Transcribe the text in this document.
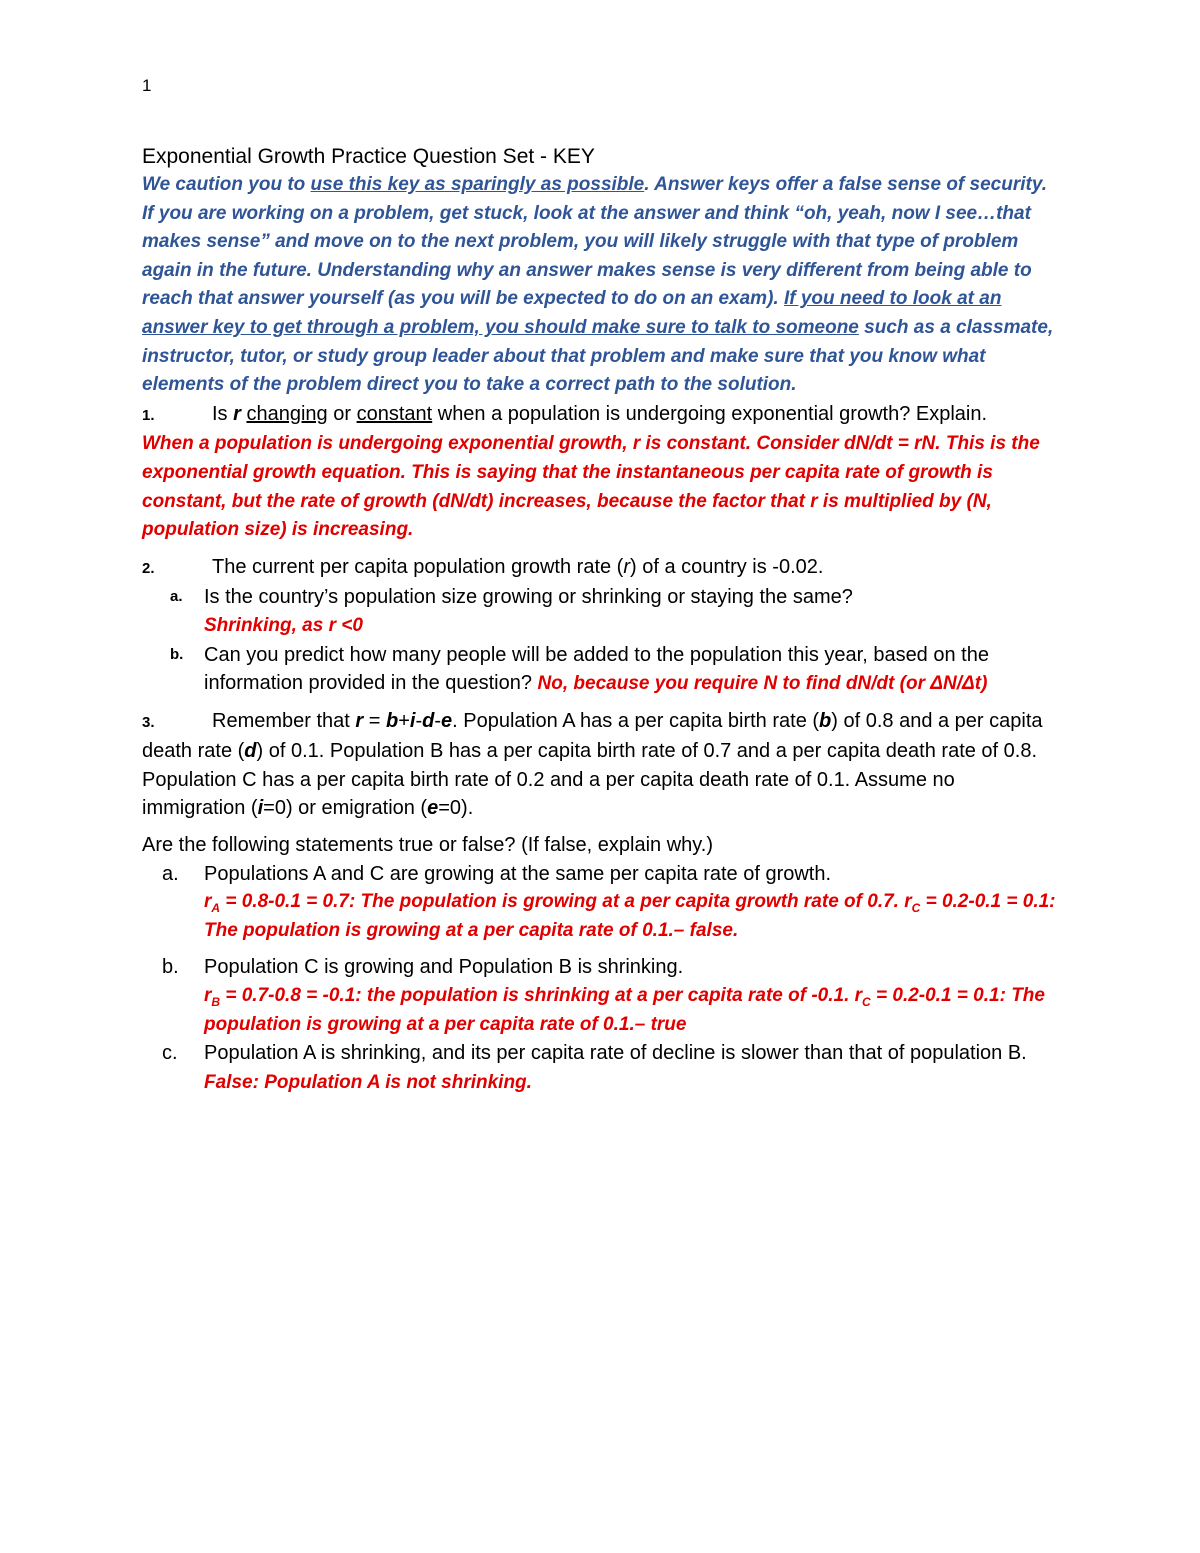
1
Exponential Growth Practice Question Set - KEY
We caution you to use this key as sparingly as possible. Answer keys offer a false sense of security. If you are working on a problem, get stuck, look at the answer and think “oh, yeah, now I see…that makes sense” and move on to the next problem, you will likely struggle with that type of problem again in the future. Understanding why an answer makes sense is very different from being able to reach that answer yourself (as you will be expected to do on an exam). If you need to look at an answer key to get through a problem, you should make sure to talk to someone such as a classmate, instructor, tutor, or study group leader about that problem and make sure that you know what elements of the problem direct you to take a correct path to the solution.
1.	Is r changing or constant when a population is undergoing exponential growth? Explain.
When a population is undergoing exponential growth, r is constant. Consider dN/dt = rN. This is the exponential growth equation. This is saying that the instantaneous per capita rate of growth is constant, but the rate of growth (dN/dt) increases, because the factor that r is multiplied by (N, population size) is increasing.
2.	The current per capita population growth rate (r) of a country is -0.02.
a. Is the country’s population size growing or shrinking or staying the same?
Shrinking, as r <0
b. Can you predict how many people will be added to the population this year, based on the information provided in the question? No, because you require N to find dN/dt (or ΔN/Δt)
3.	Remember that r = b+i-d-e. Population A has a per capita birth rate (b) of 0.8 and a per capita death rate (d) of 0.1. Population B has a per capita birth rate of 0.7 and a per capita death rate of 0.8. Population C has a per capita birth rate of 0.2 and a per capita death rate of 0.1. Assume no immigration (i=0) or emigration (e=0).
Are the following statements true or false? (If false, explain why.)
a. Populations A and C are growing at the same per capita rate of growth.
$r_A = 0.8-0.1 = 0.7$: The population is growing at a per capita growth rate of 0.7. $r_C = 0.2-0.1 = 0.1$: The population is growing at a per capita rate of 0.1.– false.
b. Population C is growing and Population B is shrinking.
$r_B = 0.7-0.8 = -0.1$: the population is shrinking at a per capita rate of -0.1. $r_C = 0.2-0.1 = 0.1$: The population is growing at a per capita rate of 0.1.– true
c. Population A is shrinking, and its per capita rate of decline is slower than that of population B. False: Population A is not shrinking.
